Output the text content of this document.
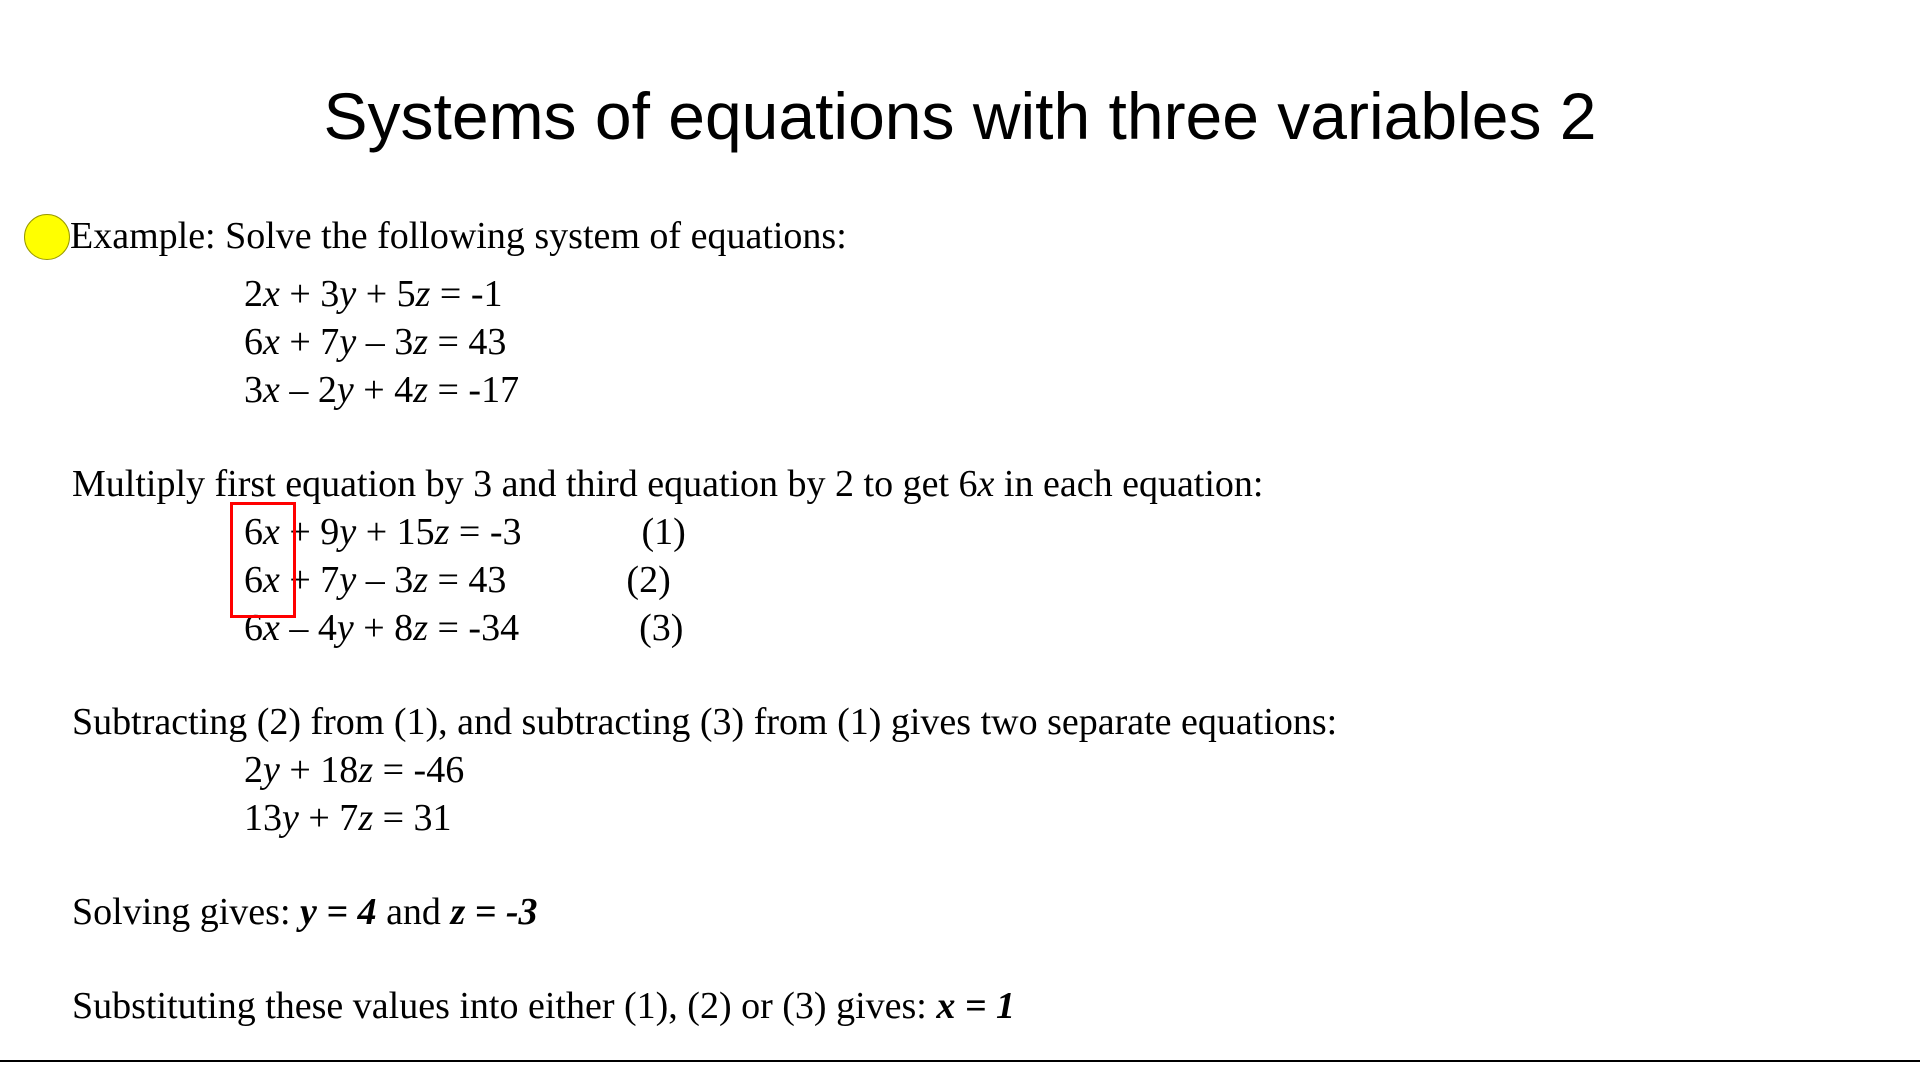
Systems of equations with three variables 2
Example: Solve the following system of equations:
2x + 3y + 5z = -1
6x + 7y – 3z = 43
3x – 2y + 4z = -17
Multiply first equation by 3 and third equation by 2 to get 6x in each equation:
6x + 9y + 15z = -3	(1)
6x + 7y – 3z = 43	(2)
6x – 4y + 8z = -34	(3)
Subtracting (2) from (1), and subtracting (3) from (1) gives two separate equations:
2y + 18z = -46
13y + 7z = 31
Solving gives: y = 4 and z = -3
Substituting these values into either (1), (2) or (3) gives: x = 1
